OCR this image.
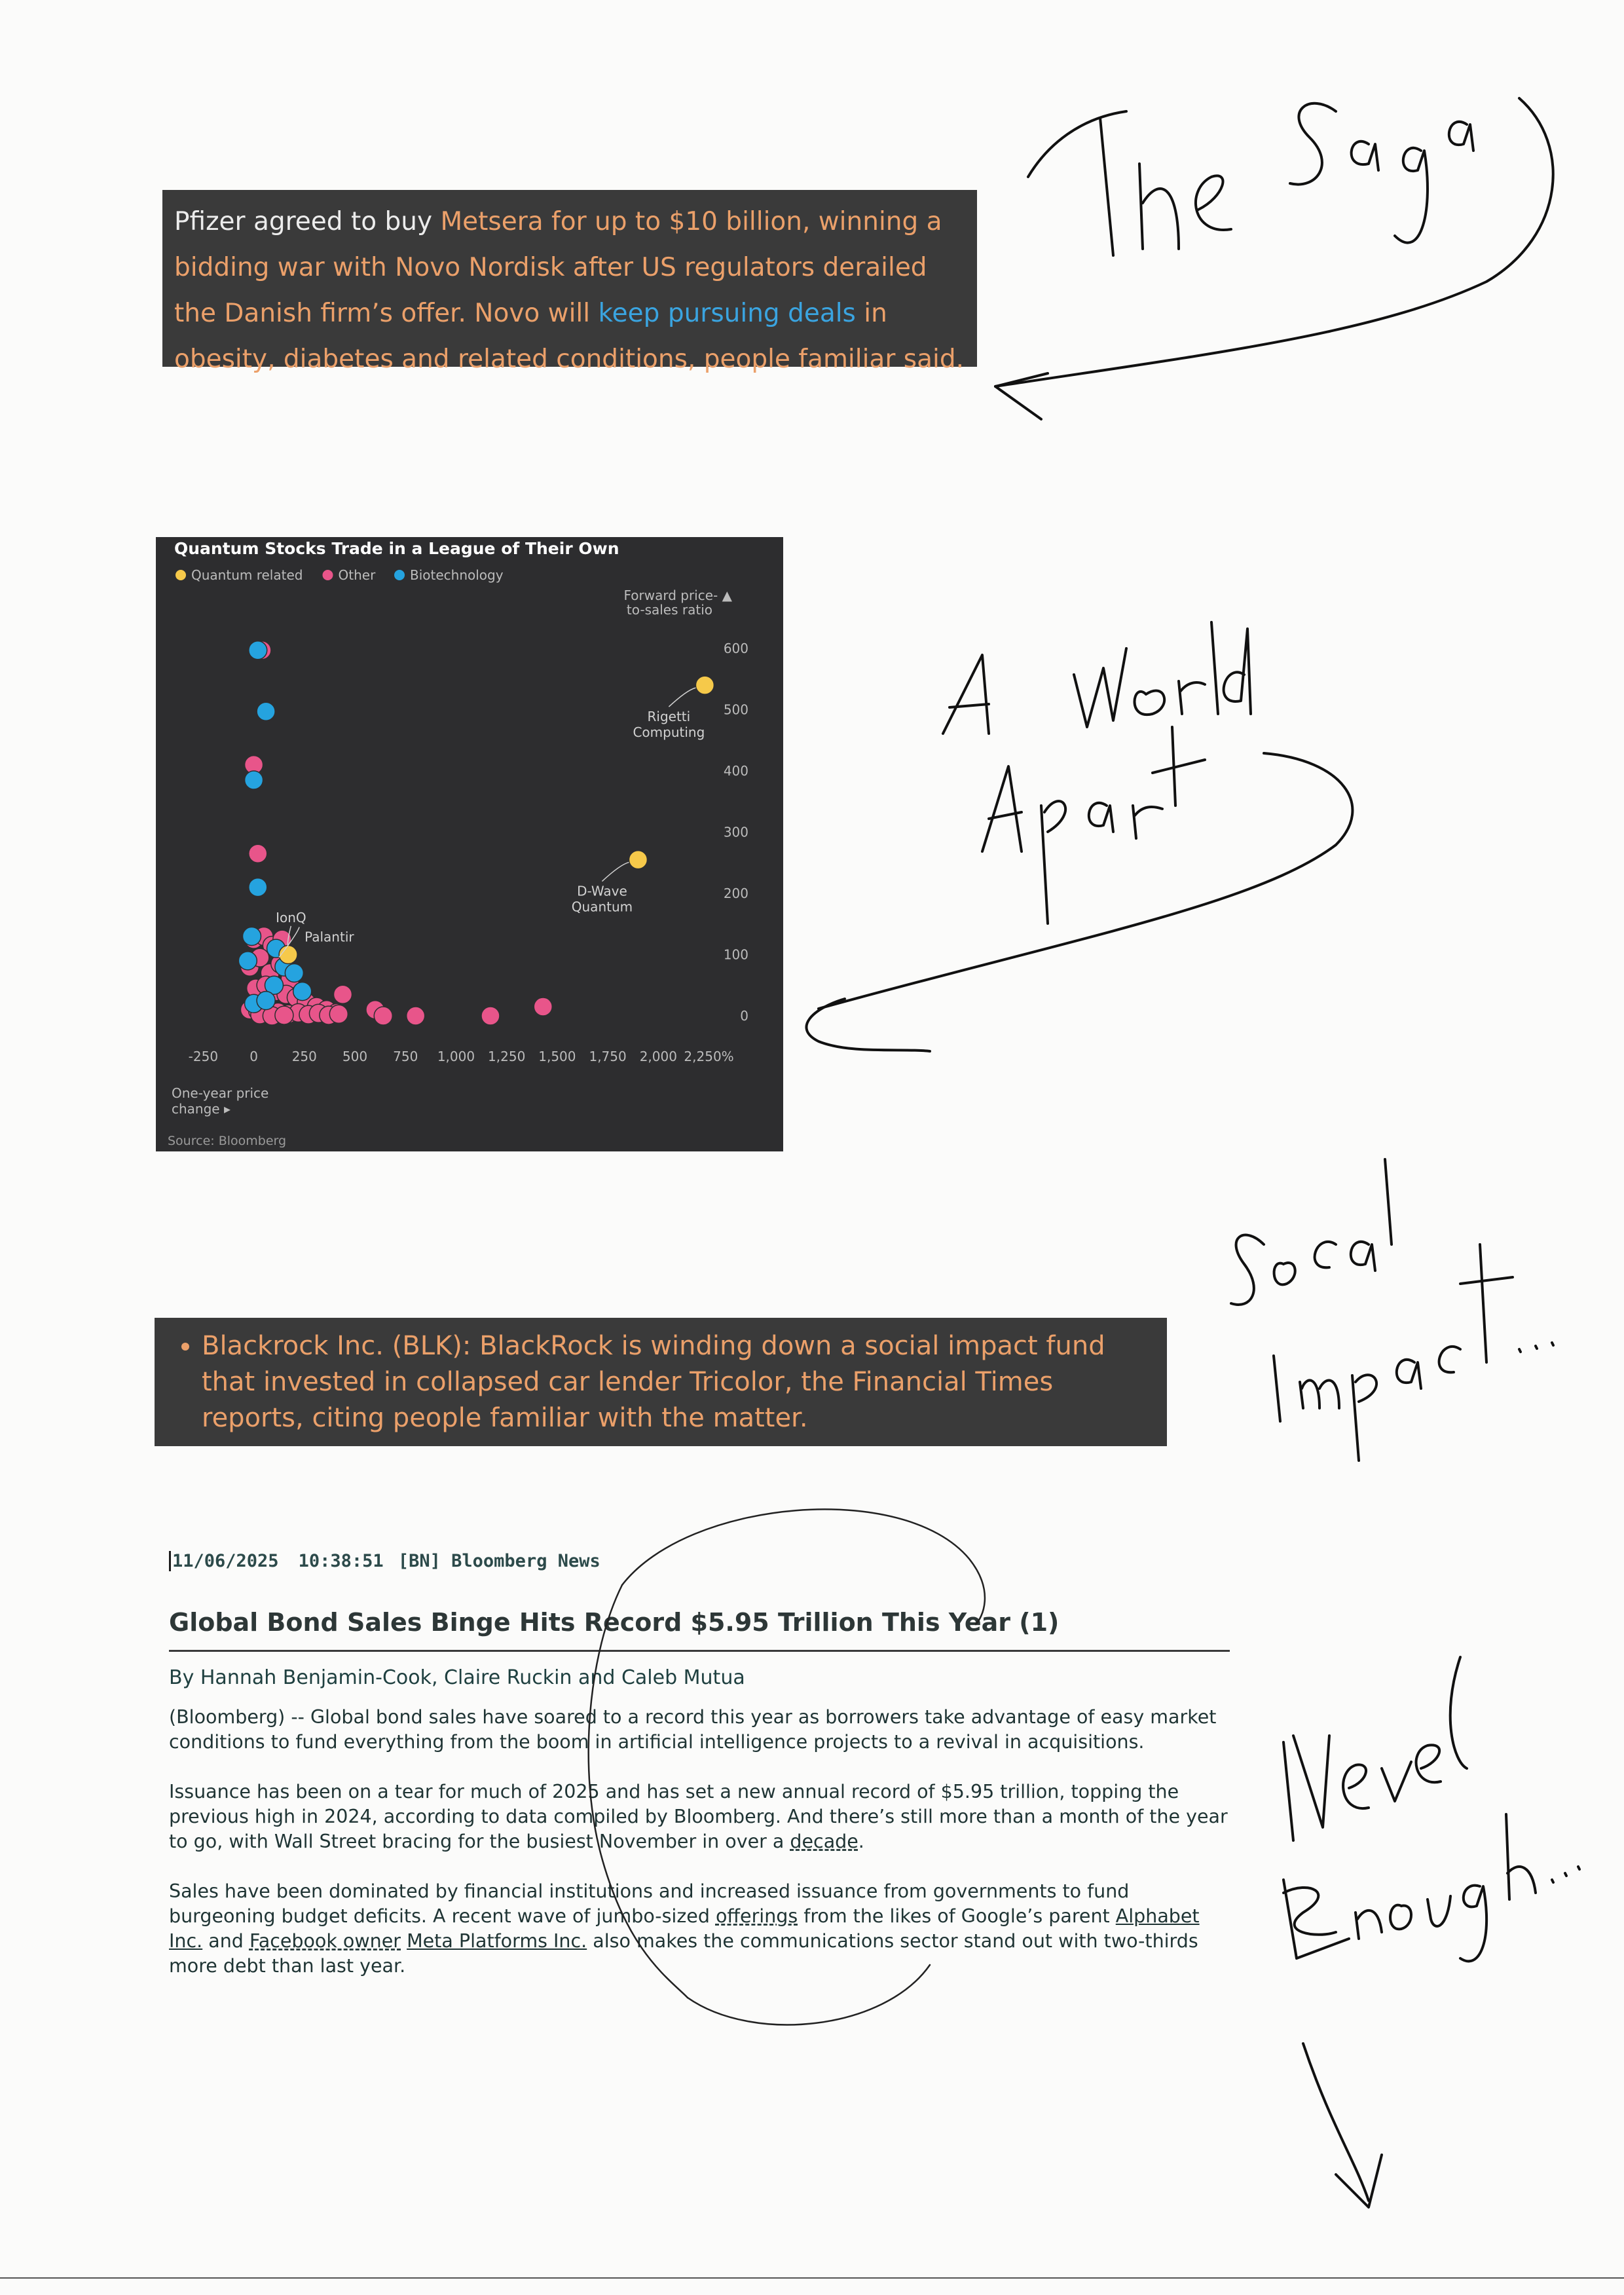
Pfizer agreed to buy Metsera for up to $10 billion, winning a bidding war with Novo Nordisk after US regulators derailed the Danish firm’s offer. Novo will keep pursuing deals in obesity, diabetes and related conditions, people familiar said.
Quantum Stocks Trade in a League of Their Own
Quantum related	Other	Biotechnology
Forward price- ▲
to-sales ratio
600
500
400
300
200
100
0
-250 0	250 500 750 1,000 1,250 1,500 1,750 2,000 2,250%
Rigetti
Computing
D-Wave
Quantum
IonQ
Palantir
One-year price
change ▸
Source: Bloomberg
• Blackrock Inc. (BLK): BlackRock is winding down a social impact fund that invested in collapsed car lender Tricolor, the Financial Times reports, citing people familiar with the matter.
11/06/2025 10:38:51 [BN] Bloomberg News
Global Bond Sales Binge Hits Record $5.95 Trillion This Year (1)
By Hannah Benjamin-Cook, Claire Ruckin and Caleb Mutua
(Bloomberg) -- Global bond sales have soared to a record this year as borrowers take advantage of easy market conditions to fund everything from the boom in artificial intelligence projects to a revival in acquisitions.
Issuance has been on a tear for much of 2025 and has set a new annual record of $5.95 trillion, topping the previous high in 2024, according to data compiled by Bloomberg. And there’s still more than a month of the year to go, with Wall Street bracing for the busiest November in over a decade.
Sales have been dominated by financial institutions and increased issuance from governments to fund burgeoning budget deficits. A recent wave of jumbo-sized offerings from the likes of Google’s parent Alphabet Inc. and Facebook owner Meta Platforms Inc. also makes the communications sector stand out with two-thirds more debt than last year.
